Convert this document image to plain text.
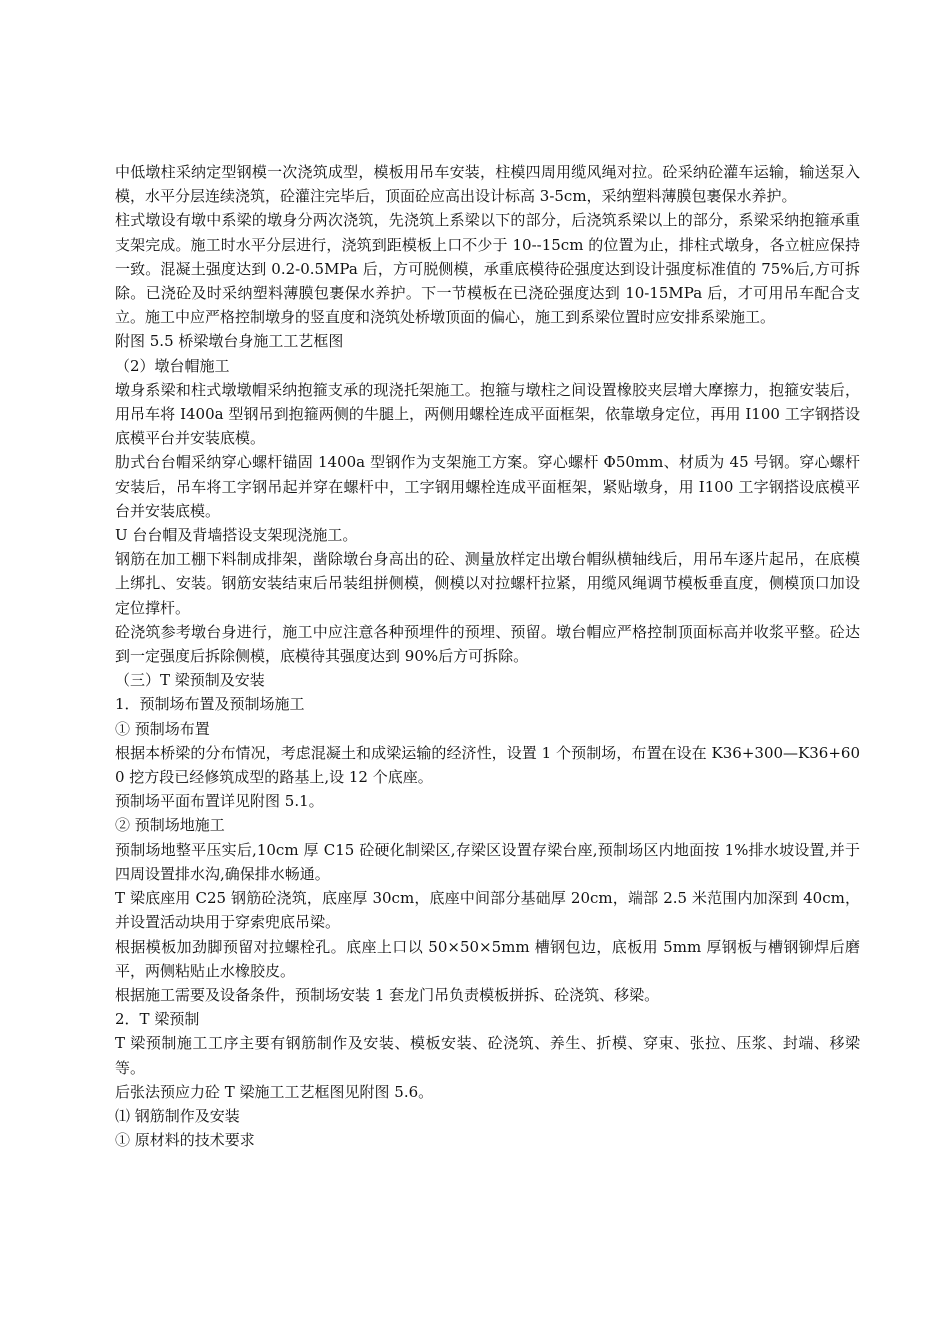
中低墩柱采纳定型钢模一次浇筑成型，模板用吊车安装，柱模四周用缆风绳对拉。砼采纳砼灌车运输，输送泵入模，水平分层连续浇筑，砼灌注完毕后，顶面砼应高出设计标高 3-5cm，采纳塑料薄膜包裹保水养护。

柱式墩设有墩中系梁的墩身分两次浇筑，先浇筑上系梁以下的部分，后浇筑系梁以上的部分，系梁采纳抱箍承重支架完成。施工时水平分层进行，浇筑到距模板上口不少于 10--15cm 的位置为止，排柱式墩身，各立桩应保持一致。混凝土强度达到 0.2-0.5MPa 后，方可脱侧模，承重底模待砼强度达到设计强度标准值的 75%后,方可拆除。已浇砼及时采纳塑料薄膜包裹保水养护。下一节模板在已浇砼强度达到 10-15MPa 后，才可用吊车配合支立。施工中应严格控制墩身的竖直度和浇筑处桥墩顶面的偏心，施工到系梁位置时应安排系梁施工。

附图 5.5 桥梁墩台身施工工艺框图

（2）墩台帽施工

墩身系梁和柱式墩墩帽采纳抱箍支承的现浇托架施工。抱箍与墩柱之间设置橡胶夹层增大摩擦力，抱箍安装后，用吊车将 I400a 型钢吊到抱箍两侧的牛腿上，两侧用螺栓连成平面框架，依靠墩身定位，再用 I100 工字钢搭设底模平台并安装底模。

肋式台台帽采纳穿心螺杆锚固 1400a 型钢作为支架施工方案。穿心螺杆 Φ50mm、材质为 45 号钢。穿心螺杆安装后，吊车将工字钢吊起并穿在螺杆中，工字钢用螺栓连成平面框架，紧贴墩身，用 I100 工字钢搭设底模平台并安装底模。

U 台台帽及背墙搭设支架现浇施工。

钢筋在加工棚下料制成排架，凿除墩台身高出的砼、测量放样定出墩台帽纵横轴线后，用吊车逐片起吊，在底模上绑扎、安装。钢筋安装结束后吊装组拼侧模，侧模以对拉螺杆拉紧，用缆风绳调节模板垂直度，侧模顶口加设定位撑杆。

砼浇筑参考墩台身进行，施工中应注意各种预埋件的预埋、预留。墩台帽应严格控制顶面标高并收浆平整。砼达到一定强度后拆除侧模，底模待其强度达到 90%后方可拆除。

（三）T 梁预制及安装

1．预制场布置及预制场施工

① 预制场布置

根据本桥梁的分布情况，考虑混凝土和成梁运输的经济性，设置 1 个预制场，布置在设在 K36+300—K36+600 挖方段已经修筑成型的路基上,设 12 个底座。

预制场平面布置详见附图 5.1。

② 预制场地施工

预制场地整平压实后,10cm 厚 C15 砼硬化制梁区,存梁区设置存梁台座,预制场区内地面按 1%排水坡设置,并于四周设置排水沟,确保排水畅通。

T 梁底座用 C25 钢筋砼浇筑，底座厚 30cm，底座中间部分基础厚 20cm，端部 2.5 米范围内加深到 40cm，并设置活动块用于穿索兜底吊梁。

根据模板加劲脚预留对拉螺栓孔。底座上口以 50×50×5mm 槽钢包边，底板用 5mm 厚钢板与槽钢铆焊后磨平，两侧粘贴止水橡胶皮。

根据施工需要及设备条件，预制场安装 1 套龙门吊负责模板拼拆、砼浇筑、移梁。

2．T 梁预制

T 梁预制施工工序主要有钢筋制作及安装、模板安装、砼浇筑、养生、折模、穿束、张拉、压浆、封端、移梁等。

后张法预应力砼 T 梁施工工艺框图见附图 5.6。

⑴ 钢筋制作及安装

① 原材料的技术要求
